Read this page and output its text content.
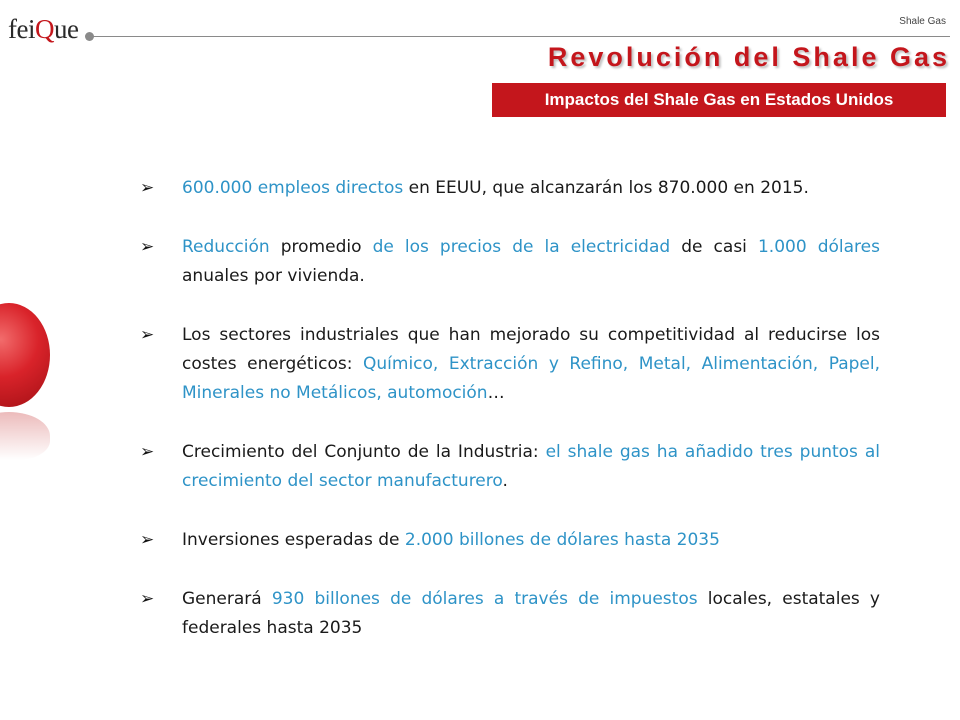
feiQue	Shale Gas
Revolución del Shale Gas
Impactos del Shale Gas en Estados Unidos
➢ 600.000 empleos directos en EEUU, que alcanzarán los 870.000 en 2015.
➢ Reducción promedio de los precios de la electricidad de casi 1.000 dólares anuales por vivienda.
➢ Los sectores industriales que han mejorado su competitividad al reducirse los costes energéticos: Químico, Extracción y Refino, Metal, Alimentación, Papel, Minerales no Metálicos, automoción…
➢ Crecimiento del Conjunto de la Industria: el shale gas ha añadido tres puntos al crecimiento del sector manufacturero.
➢ Inversiones esperadas de 2.000 billones de dólares hasta 2035
➢ Generará 930 billones de dólares a través de impuestos locales, estatales y federales hasta 2035
